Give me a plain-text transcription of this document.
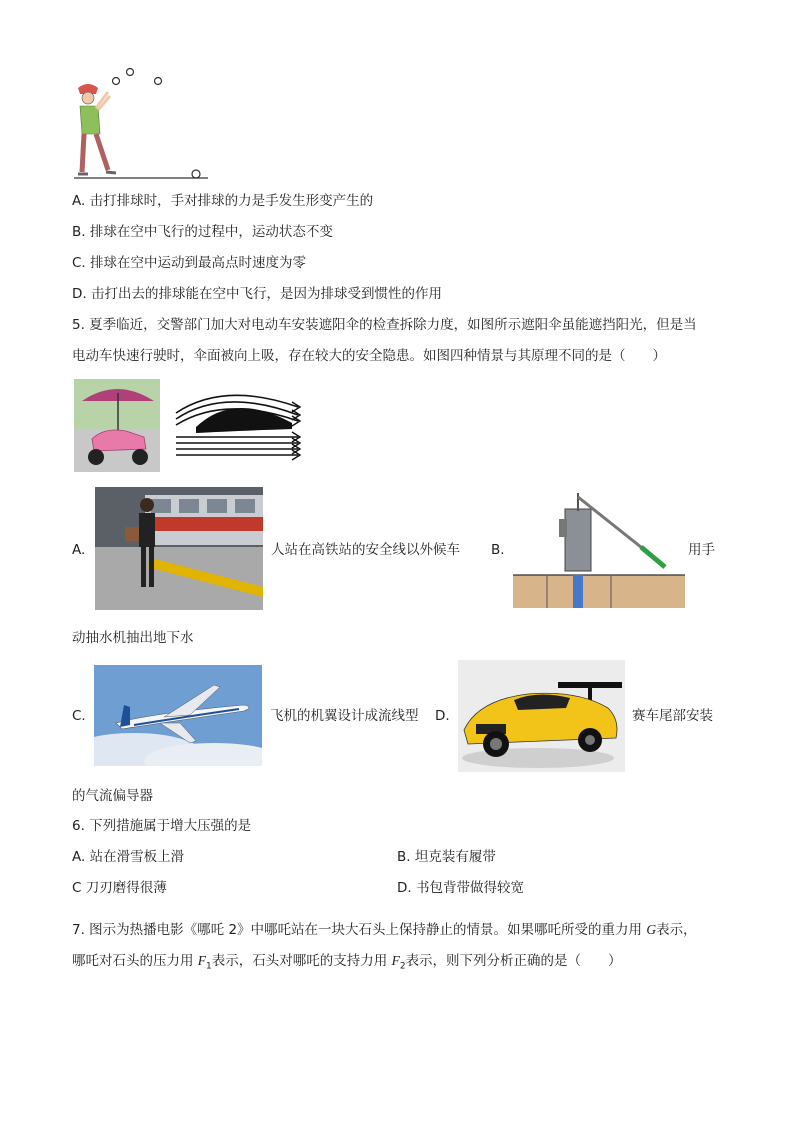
A. 击打排球时，手对排球的力是手发生形变产生的
B. 排球在空中飞行的过程中，运动状态不变
C. 排球在空中运动到最高点时速度为零
D. 击打出去的排球能在空中飞行，是因为排球受到惯性的作用
5. 夏季临近，交警部门加大对电动车安装遮阳伞的检查拆除力度，如图所示遮阳伞虽能遮挡阳光，但是当
电动车快速行驶时，伞面被向上吸，存在较大的安全隐患。如图四种情景与其原理不同的是（　　）
A.	人站在高铁站的安全线以外候车 B.	用手
动抽水机抽出地下水
C.	飞机的机翼设计成流线型 D.	赛车尾部安装
的气流偏导器
6. 下列措施属于增大压强的是
A. 站在滑雪板上滑	B. 坦克装有履带
C 刀刃磨得很薄	D. 书包背带做得较宽
7. 图示为热播电影《哪吒 2》中哪吒站在一块大石头上保持静止的情景。如果哪吒所受的重力用 G表示，
哪吒对石头的压力用 $F_1$表示，石头对哪吒的支持力用 $F_2$表示，则下列分析正确的是（　　）
